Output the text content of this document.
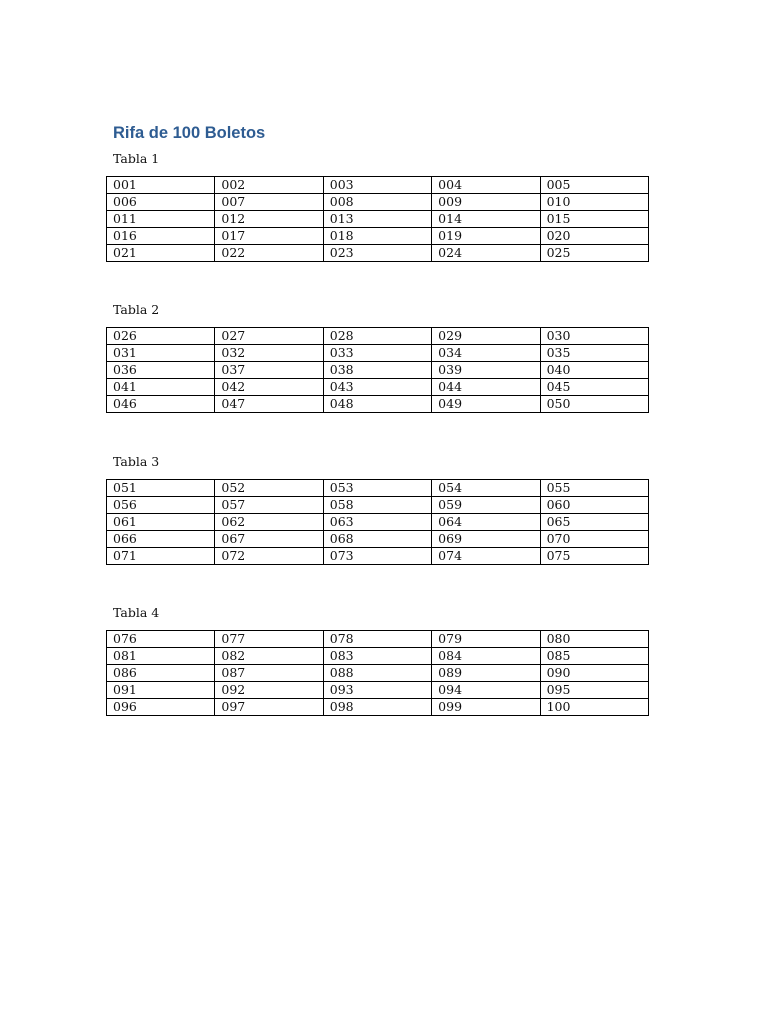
Rifa de 100 Boletos

Tabla 1

001	002	003	004	005
006	007	008	009	010
011	012	013	014	015
016	017	018	019	020
021	022	023	024	025

Tabla 2

026	027	028	029	030
031	032	033	034	035
036	037	038	039	040
041	042	043	044	045
046	047	048	049	050

Tabla 3

051	052	053	054	055
056	057	058	059	060
061	062	063	064	065
066	067	068	069	070
071	072	073	074	075

Tabla 4

076	077	078	079	080
081	082	083	084	085
086	087	088	089	090
091	092	093	094	095
096	097	098	099	100
